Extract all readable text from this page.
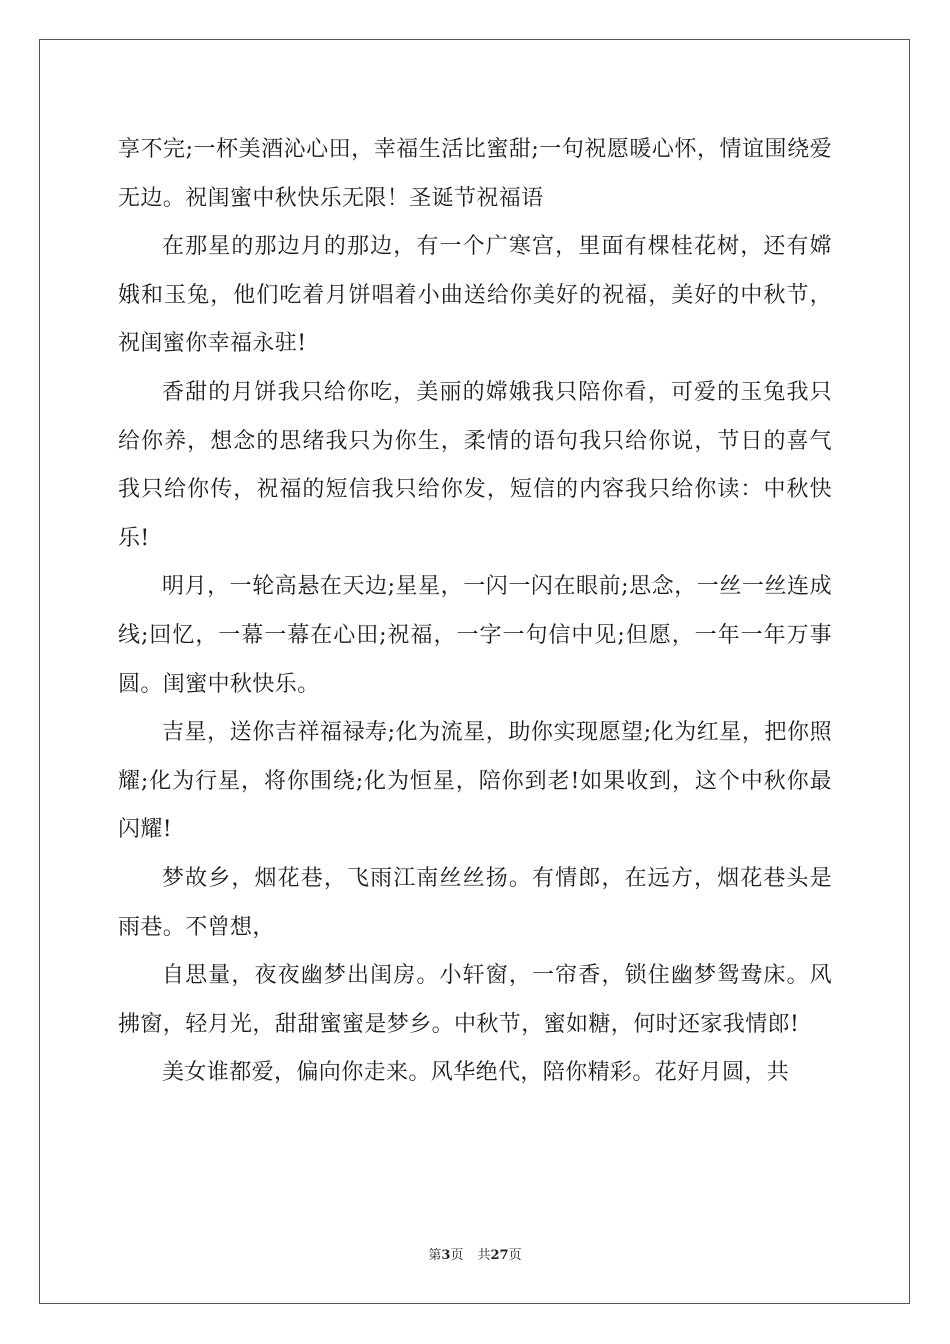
享不完;一杯美酒沁心田，幸福生活比蜜甜;一句祝愿暖心怀，情谊围绕爱无边。祝闺蜜中秋快乐无限！圣诞节祝福语

在那星的那边月的那边，有一个广寒宫，里面有棵桂花树，还有嫦娥和玉兔，他们吃着月饼唱着小曲送给你美好的祝福，美好的中秋节，祝闺蜜你幸福永驻!

香甜的月饼我只给你吃，美丽的嫦娥我只陪你看，可爱的玉兔我只给你养，想念的思绪我只为你生，柔情的语句我只给你说，节日的喜气我只给你传，祝福的短信我只给你发，短信的内容我只给你读：中秋快乐!

明月，一轮高悬在天边;星星，一闪一闪在眼前;思念，一丝一丝连成线;回忆，一幕一幕在心田;祝福，一字一句信中见;但愿，一年一年万事圆。闺蜜中秋快乐。

吉星，送你吉祥福禄寿;化为流星，助你实现愿望;化为红星，把你照耀;化为行星，将你围绕;化为恒星，陪你到老!如果收到，这个中秋你最闪耀!

梦故乡，烟花巷，飞雨江南丝丝扬。有情郎，在远方，烟花巷头是雨巷。不曾想，

自思量，夜夜幽梦出闺房。小轩窗，一帘香，锁住幽梦鸳鸯床。风拂窗，轻月光，甜甜蜜蜜是梦乡。中秋节，蜜如糖，何时还家我情郎!

美女谁都爱，偏向你走来。风华绝代，陪你精彩。花好月圆，共

第3页 共27页
